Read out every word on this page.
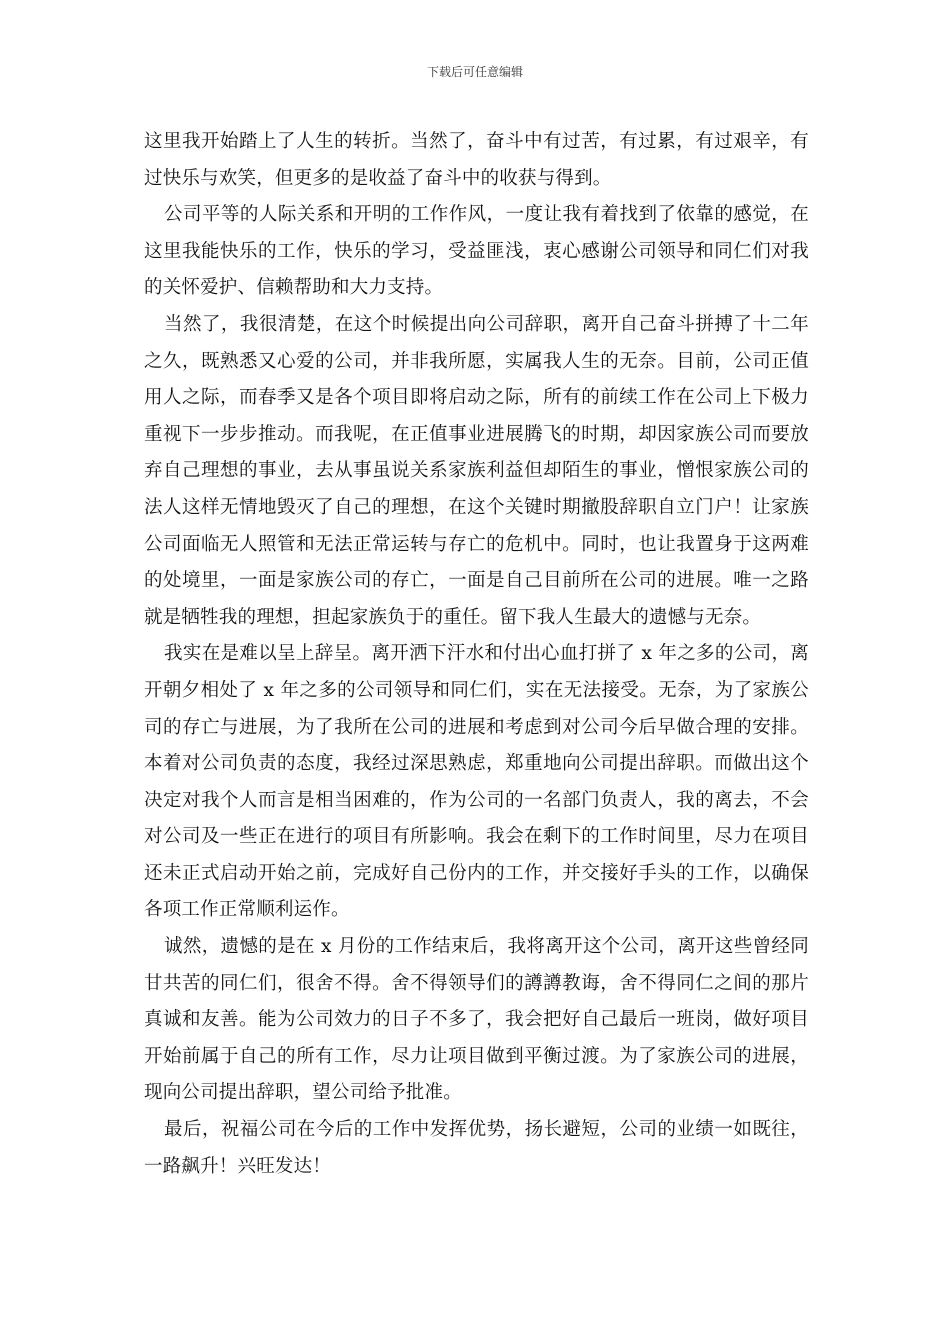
下载后可任意编辑

这里我开始踏上了人生的转折。当然了，奋斗中有过苦，有过累，有过艰辛，有过快乐与欢笑，但更多的是收益了奋斗中的收获与得到。

公司平等的人际关系和开明的工作作风，一度让我有着找到了依靠的感觉，在这里我能快乐的工作，快乐的学习，受益匪浅，衷心感谢公司领导和同仁们对我的关怀爱护、信赖帮助和大力支持。

当然了，我很清楚，在这个时候提出向公司辞职，离开自己奋斗拼搏了十二年之久，既熟悉又心爱的公司，并非我所愿，实属我人生的无奈。目前，公司正值用人之际，而春季又是各个项目即将启动之际，所有的前续工作在公司上下极力重视下一步步推动。而我呢，在正值事业进展腾飞的时期，却因家族公司而要放弃自己理想的事业，去从事虽说关系家族利益但却陌生的事业，憎恨家族公司的法人这样无情地毁灭了自己的理想，在这个关键时期撤股辞职自立门户！让家族公司面临无人照管和无法正常运转与存亡的危机中。同时，也让我置身于这两难的处境里，一面是家族公司的存亡，一面是自己目前所在公司的进展。唯一之路就是牺牲我的理想，担起家族负于的重任。留下我人生最大的遗憾与无奈。

我实在是难以呈上辞呈。离开洒下汗水和付出心血打拼了 x 年之多的公司，离开朝夕相处了 x 年之多的公司领导和同仁们，实在无法接受。无奈，为了家族公司的存亡与进展，为了我所在公司的进展和考虑到对公司今后早做合理的安排。本着对公司负责的态度，我经过深思熟虑，郑重地向公司提出辞职。而做出这个决定对我个人而言是相当困难的，作为公司的一名部门负责人，我的离去，不会对公司及一些正在进行的项目有所影响。我会在剩下的工作时间里，尽力在项目还未正式启动开始之前，完成好自己份内的工作，并交接好手头的工作，以确保各项工作正常顺利运作。

诚然，遗憾的是在 x 月份的工作结束后，我将离开这个公司，离开这些曾经同甘共苦的同仁们，很舍不得。舍不得领导们的譐譐教诲，舍不得同仁之间的那片真诚和友善。能为公司效力的日子不多了，我会把好自己最后一班岗，做好项目开始前属于自己的所有工作，尽力让项目做到平衡过渡。为了家族公司的进展，现向公司提出辞职，望公司给予批准。

最后，祝福公司在今后的工作中发挥优势，扬长避短，公司的业绩一如既往，一路飙升！兴旺发达！
